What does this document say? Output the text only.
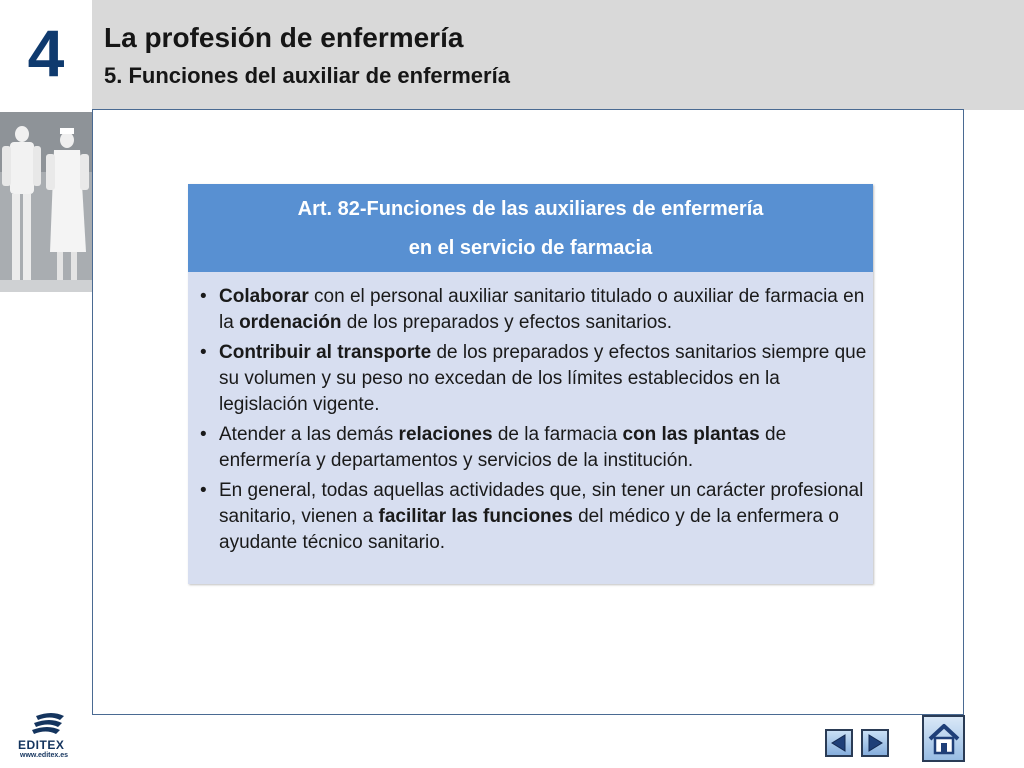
4	La profesión de enfermería
5. Funciones del auxiliar de enfermería
Art. 82-Funciones de las auxiliares de enfermería
en el servicio de farmacia
• Colaborar con el personal auxiliar sanitario titulado o auxiliar de farmacia en la ordenación de los preparados y efectos sanitarios.
• Contribuir al transporte de los preparados y efectos sanitarios siempre que su volumen y su peso no excedan de los límites establecidos en la legislación vigente.
• Atender a las demás relaciones de la farmacia con las plantas de enfermería y departamentos y servicios de la institución.
• En general, todas aquellas actividades que, sin tener un carácter profesional sanitario, vienen a facilitar las funciones del médico y de la enfermera o ayudante técnico sanitario.
EDITEX
www.editex.es
